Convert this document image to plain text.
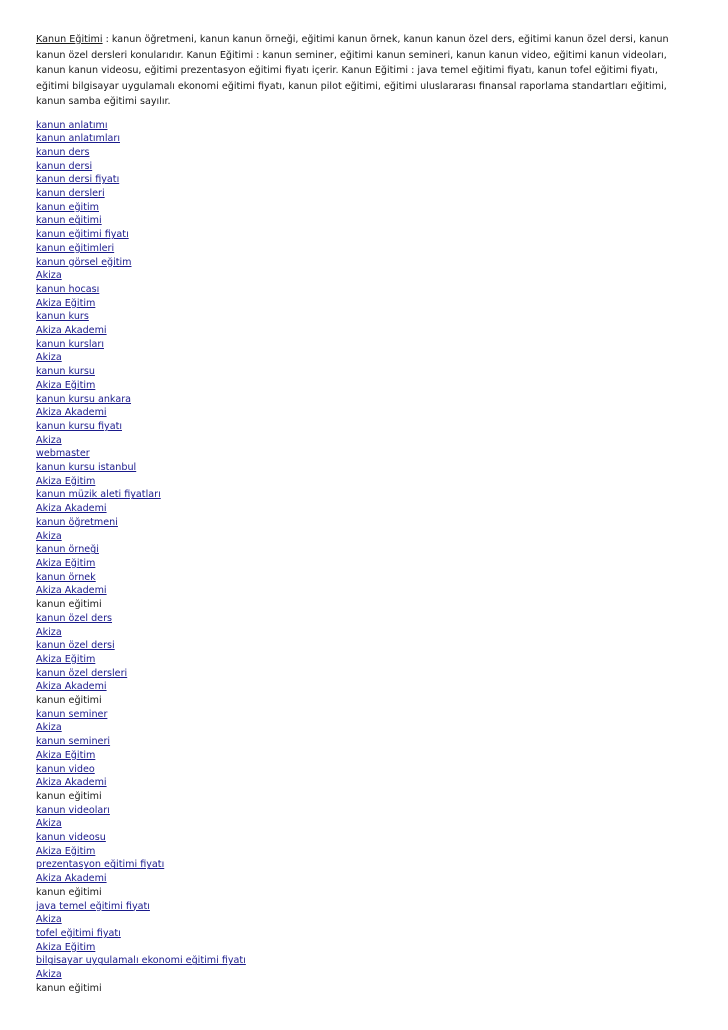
Kanun Eğitimi : kanun öğretmeni, kanun kanun örneği, eğitimi kanun örnek, kanun kanun özel ders, eğitimi kanun özel dersi, kanun kanun özel dersleri konularıdır. Kanun Eğitimi : kanun seminer, eğitimi kanun semineri, kanun kanun video, eğitimi kanun videoları, kanun kanun videosu, eğitimi prezentasyon eğitimi fiyatı içerir. Kanun Eğitimi : java temel eğitimi fiyatı, kanun tofel eğitimi fiyatı, eğitimi bilgisayar uygulamalı ekonomi eğitimi fiyatı, kanun pilot eğitimi, eğitimi uluslararası finansal raporlama standartları eğitimi, kanun samba eğitimi sayılır.

kanun anlatımı
kanun anlatımları
kanun ders
kanun dersi
kanun dersi fiyatı
kanun dersleri
kanun eğitim
kanun eğitimi
kanun eğitimi fiyatı
kanun eğitimleri
kanun görsel eğitim
Akiza
kanun hocası
Akiza Eğitim
kanun kurs
Akiza Akademi
kanun kursları
Akiza
kanun kursu
Akiza Eğitim
kanun kursu ankara
Akiza Akademi
kanun kursu fiyatı
Akiza
webmaster
kanun kursu istanbul
Akiza Eğitim
kanun müzik aleti fiyatları
Akiza Akademi
kanun öğretmeni
Akiza
kanun örneği
Akiza Eğitim
kanun örnek
Akiza Akademi
kanun eğitimi
kanun özel ders
Akiza
kanun özel dersi
Akiza Eğitim
kanun özel dersleri
Akiza Akademi
kanun eğitimi
kanun seminer
Akiza
kanun semineri
Akiza Eğitim
kanun video
Akiza Akademi
kanun eğitimi
kanun videoları
Akiza
kanun videosu
Akiza Eğitim
prezentasyon eğitimi fiyatı
Akiza Akademi
kanun eğitimi
java temel eğitimi fiyatı
Akiza
tofel eğitimi fiyatı
Akiza Eğitim
bilgisayar uygulamalı ekonomi eğitimi fiyatı
Akiza
kanun eğitimi
